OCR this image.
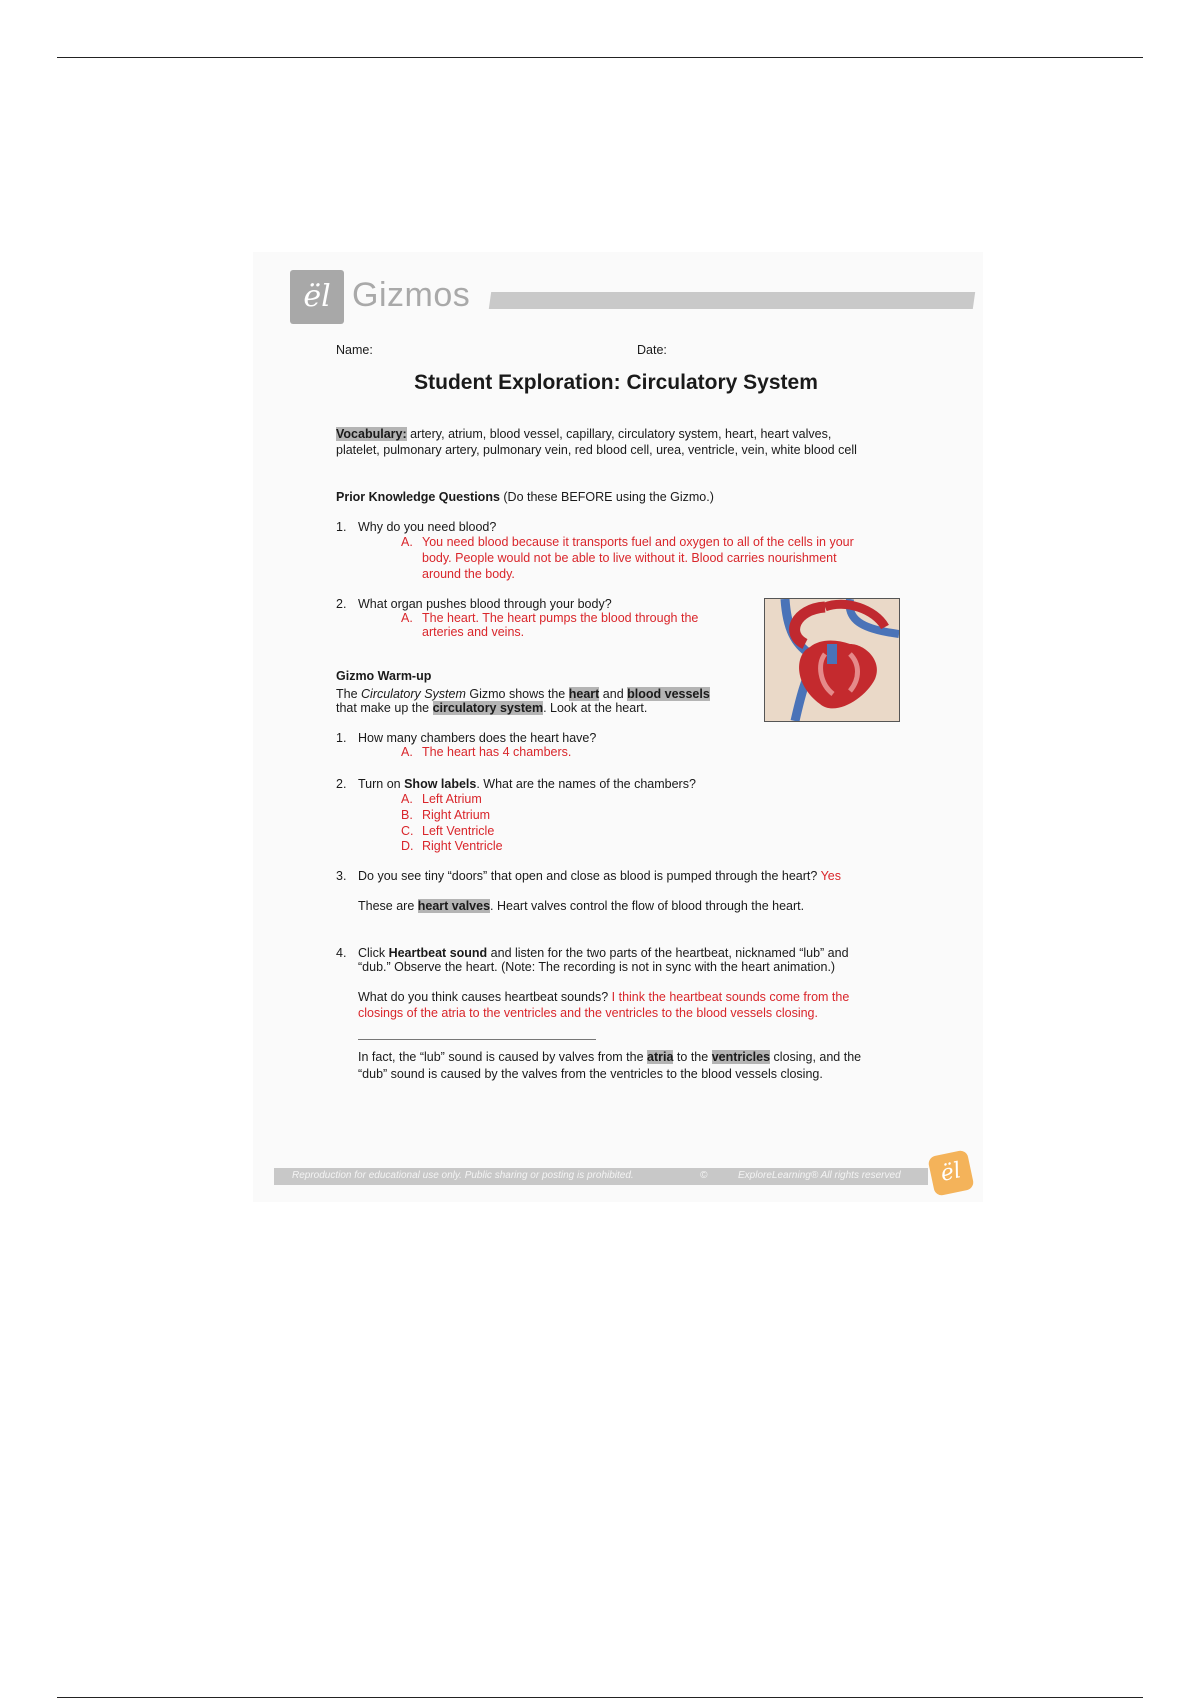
ël Gizmos
Name:	Date:
Student Exploration: Circulatory System
Vocabulary: artery, atrium, blood vessel, capillary, circulatory system, heart, heart valves,
platelet, pulmonary artery, pulmonary vein, red blood cell, urea, ventricle, vein, white blood cell
Prior Knowledge Questions (Do these BEFORE using the Gizmo.)
1. Why do you need blood?
A. You need blood because it transports fuel and oxygen to all of the cells in your
body. People would not be able to live without it. Blood carries nourishment
around the body.
2. What organ pushes blood through your body?
A. The heart. The heart pumps the blood through the
arteries and veins.
Gizmo Warm-up
The Circulatory System Gizmo shows the heart and blood vessels
that make up the circulatory system. Look at the heart.
1. How many chambers does the heart have?
A. The heart has 4 chambers.
2. Turn on Show labels. What are the names of the chambers?
A. Left Atrium
B. Right Atrium
C. Left Ventricle
D. Right Ventricle
3. Do you see tiny “doors” that open and close as blood is pumped through the heart? Yes
These are heart valves. Heart valves control the flow of blood through the heart.
4. Click Heartbeat sound and listen for the two parts of the heartbeat, nicknamed “lub” and
“dub.” Observe the heart. (Note: The recording is not in sync with the heart animation.)
What do you think causes heartbeat sounds? I think the heartbeat sounds come from the
closings of the atria to the ventricles and the ventricles to the blood vessels closing.
In fact, the “lub” sound is caused by valves from the atria to the ventricles closing, and the
“dub” sound is caused by the valves from the ventricles to the blood vessels closing.
Reproduction for educational use only. Public sharing or posting is prohibited.	©	ExploreLearning® All rights reserved	ël
